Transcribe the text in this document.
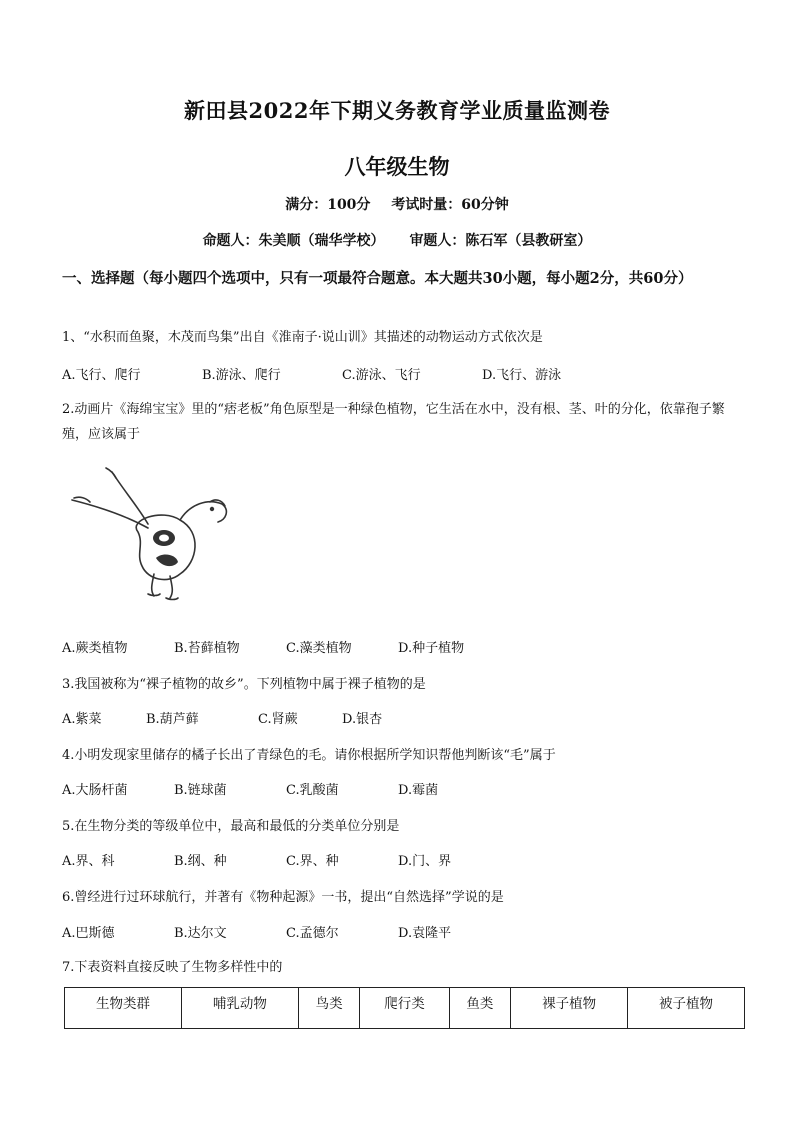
新田县2022年下期义务教育学业质量监测卷
八年级生物
满分：100分 考试时量：60分钟
命题人：朱美顺（瑞华学校） 审题人：陈石军（县教研室）
一、选择题（每小题四个选项中，只有一项最符合题意。本大题共30小题，每小题2分，共60分）
1、“水积而鱼聚，木茂而鸟集”出自《淮南子·说山训》其描述的动物运动方式依次是
A.飞行、爬行	B.游泳、爬行	C.游泳、飞行	D.飞行、游泳
2.动画片《海绵宝宝》里的“痞老板”角色原型是一种绿色植物，它生活在水中，没有根、茎、叶的分化，依靠孢子繁殖，应该属于
A.蕨类植物	B.苔藓植物	C.藻类植物	D.种子植物
3.我国被称为“裸子植物的故乡”。下列植物中属于裸子植物的是
A.紫菜	B.葫芦藓	C.肾蕨	D.银杏
4.小明发现家里储存的橘子长出了青绿色的毛。请你根据所学知识帮他判断该“毛”属于
A.大肠杆菌	B.链球菌	C.乳酸菌	D.霉菌
5.在生物分类的等级单位中，最高和最低的分类单位分别是
A.界、科	B.纲、种	C.界、种	D.门、界
6.曾经进行过环球航行，并著有《物种起源》一书，提出“自然选择”学说的是
A.巴斯德	B.达尔文	C.孟德尔	D.袁隆平
7.下表资料直接反映了生物多样性中的
生物类群	哺乳动物	鸟类	爬行类	鱼类	裸子植物	被子植物
